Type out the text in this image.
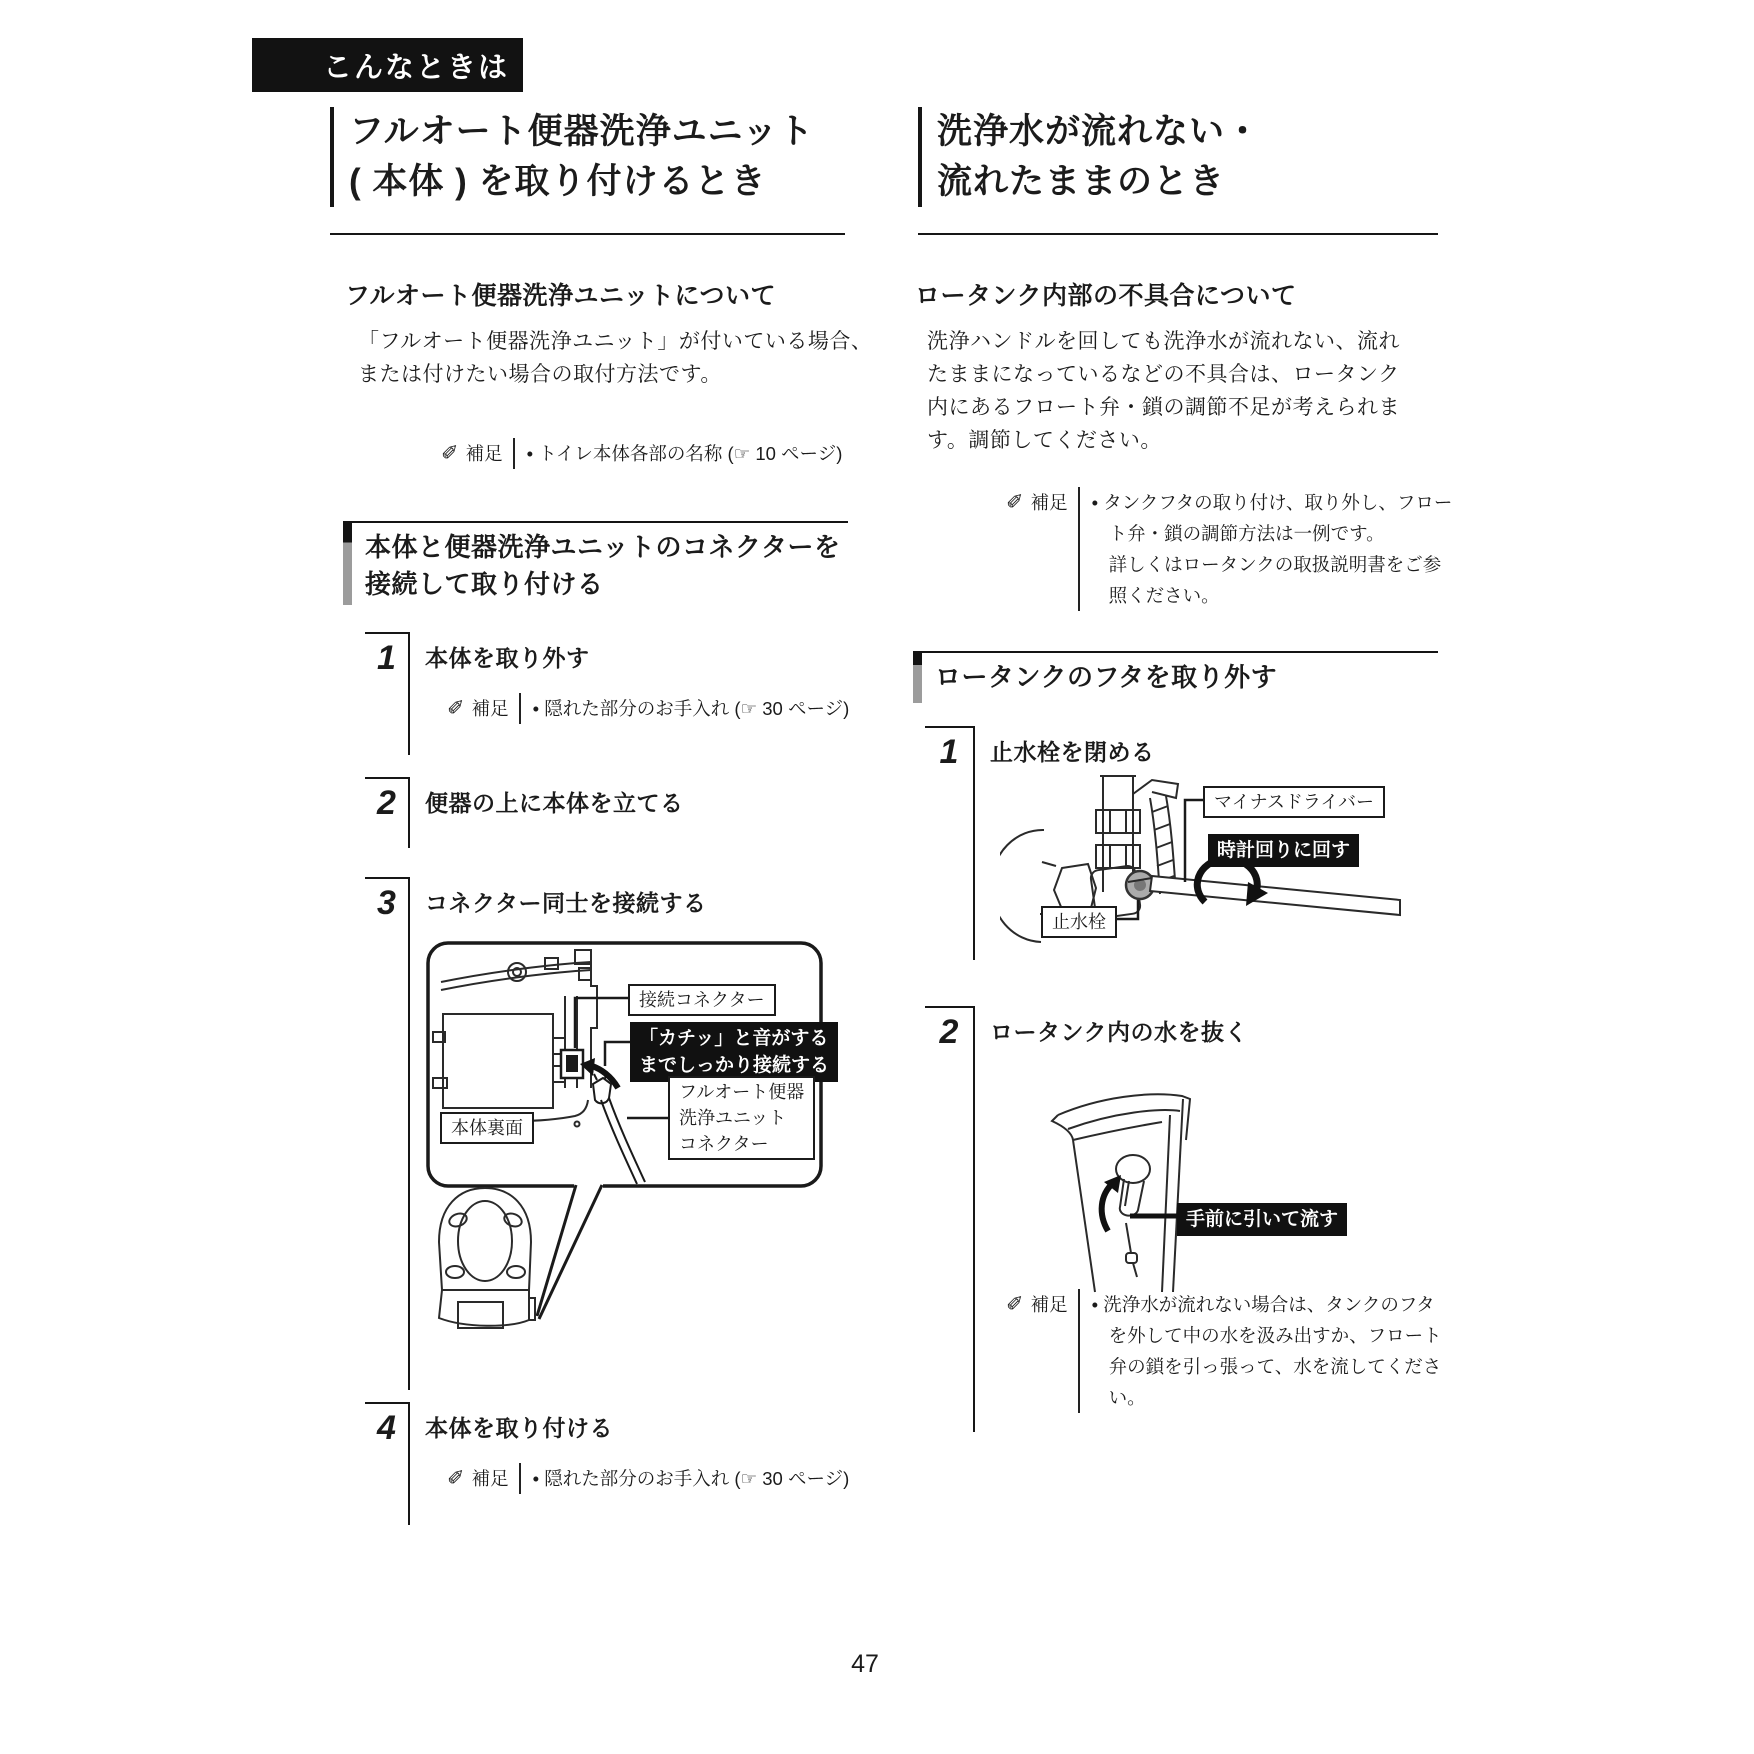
こんなときは
フルオート便器洗浄ユニット
( 本体 ) を取り付けるとき
フルオート便器洗浄ユニットについて
「フルオート便器洗浄ユニット」が付いている場合、
または付けたい場合の取付方法です。
✐ 補足 • トイレ本体各部の名称 (☞ 10 ページ)
本体と便器洗浄ユニットのコネクターを
接続して取り付ける
1	本体を取り外す
✐ 補足 • 隠れた部分のお手入れ (☞ 30 ページ)
2	便器の上に本体を立てる
3	コネクター同士を接続する
接続コネクター
「カチッ」と音がする
までしっかり接続する
フルオート便器
洗浄ユニット
コネクター
本体裏面
4	本体を取り付ける
✐ 補足 • 隠れた部分のお手入れ (☞ 30 ページ)
洗浄水が流れない・
流れたままのとき
ロータンク内部の不具合について
洗浄ハンドルを回しても洗浄水が流れない、流れ
たままになっているなどの不具合は、ロータンク
内にあるフロート弁・鎖の調節不足が考えられま
す。調節してください。
✐ 補足 • タンクフタの取り付け、取り外し、フロー
ト弁・鎖の調節方法は一例です。
詳しくはロータンクの取扱説明書をご参
照ください。
ロータンクのフタを取り外す
1	止水栓を閉める
マイナスドライバー
時計回りに回す
止水栓
2	ロータンク内の水を抜く
手前に引いて流す
✐ 補足 • 洗浄水が流れない場合は、タンクのフタ
を外して中の水を汲み出すか、フロート
弁の鎖を引っ張って、水を流してくださ
い。
47
